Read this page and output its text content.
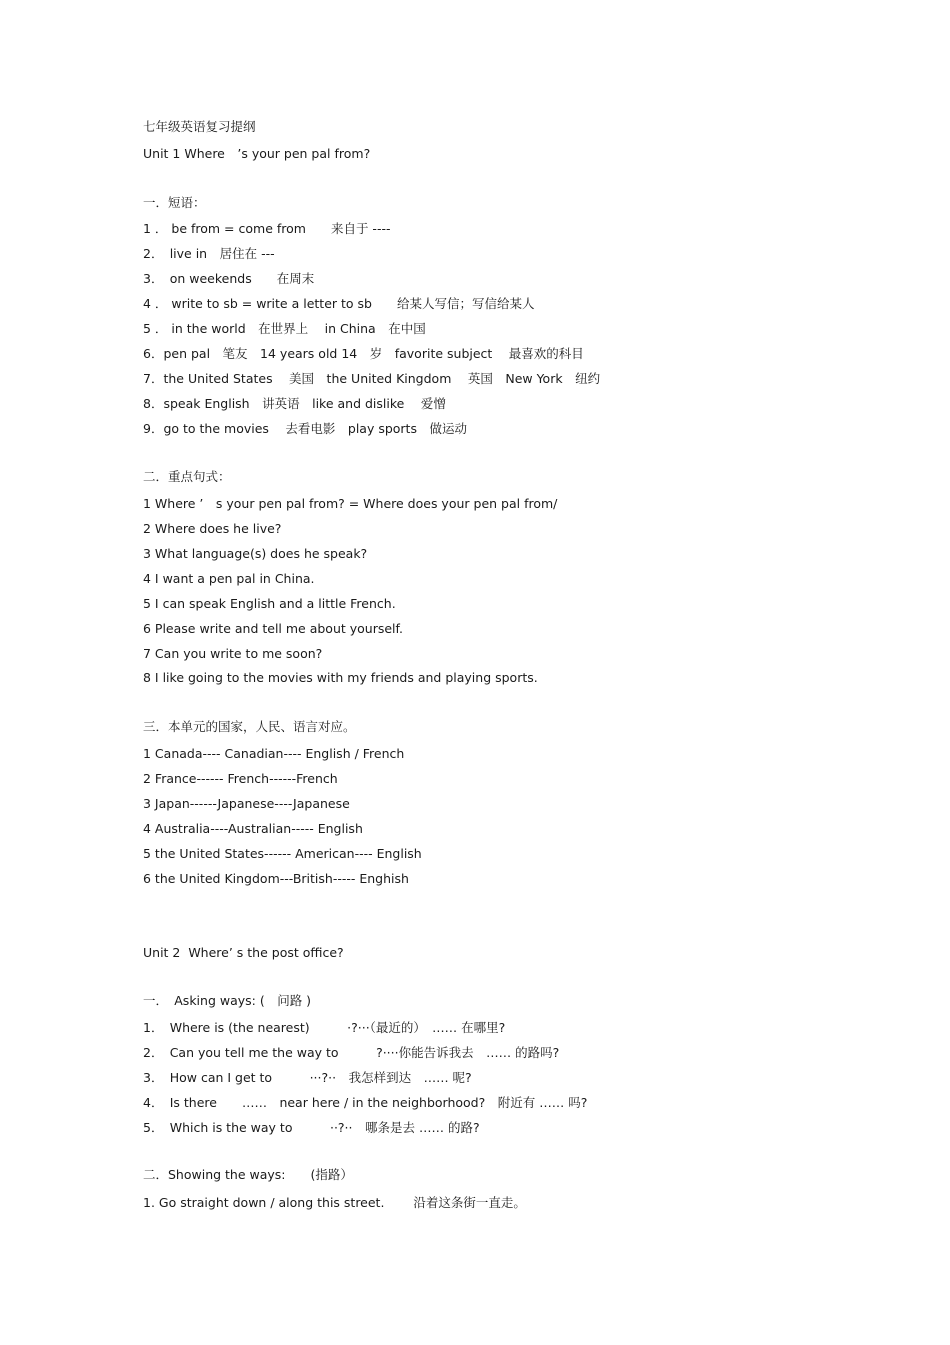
七年级英语复习提纲
Unit 1 Where　’s your pen pal from?
一．短语：
1 ． be from = come from　　来自于 ----
2．　live in　居住在 ---
3．　on weekends　　在周末
4 ． write to sb = write a letter to sb　　给某人写信；写信给某人
5 ． in the world　在世界上　 in China　在中国
6．pen pal　笔友　14 years old 14　岁　favorite subject　 最喜欢的科目
7．the United States　 美国　the United Kingdom　 英国　New York　纽约
8．speak English　讲英语　like and dislike　 爱憎
9．go to the movies　 去看电影　play sports　做运动
二．重点句式：
1 Where ’　s your pen pal from? = Where does your pen pal from/
2 Where does he live?
3 What language(s) does he speak?
4 I want a pen pal in China.
5 I can speak English and a little French.
6 Please write and tell me about yourself.
7 Can you write to me soon?
8 I like going to the movies with my friends and playing sports.
三．本单元的国家，人民、语言对应。
1 Canada---- Canadian---- English / French
2 France------ French------French
3 Japan------Japanese----Japanese
4 Australia----Australian----- English
5 the United States------ American---- English
6 the United Kingdom---British----- Enghish
Unit 2  Where’ s the post office?
一．　Asking ways: (　问路 )
1．　Where is (the nearest)　　　·?···（最近的）　…… 在哪里?
2．　Can you tell me the way to　　　?····你能告诉我去　…… 的路吗?
3．　How can I get to　　　···?··　我怎样到达　…… 呢?
4．　Is there　　……　near here / in the neighborhood?　附近有 …… 吗?
5．　Which is the way to　　　··?··　哪条是去 …… 的路?
二．Showing the ways:　　(指路）
1. Go straight down / along this street.　　 沿着这条街一直走。
